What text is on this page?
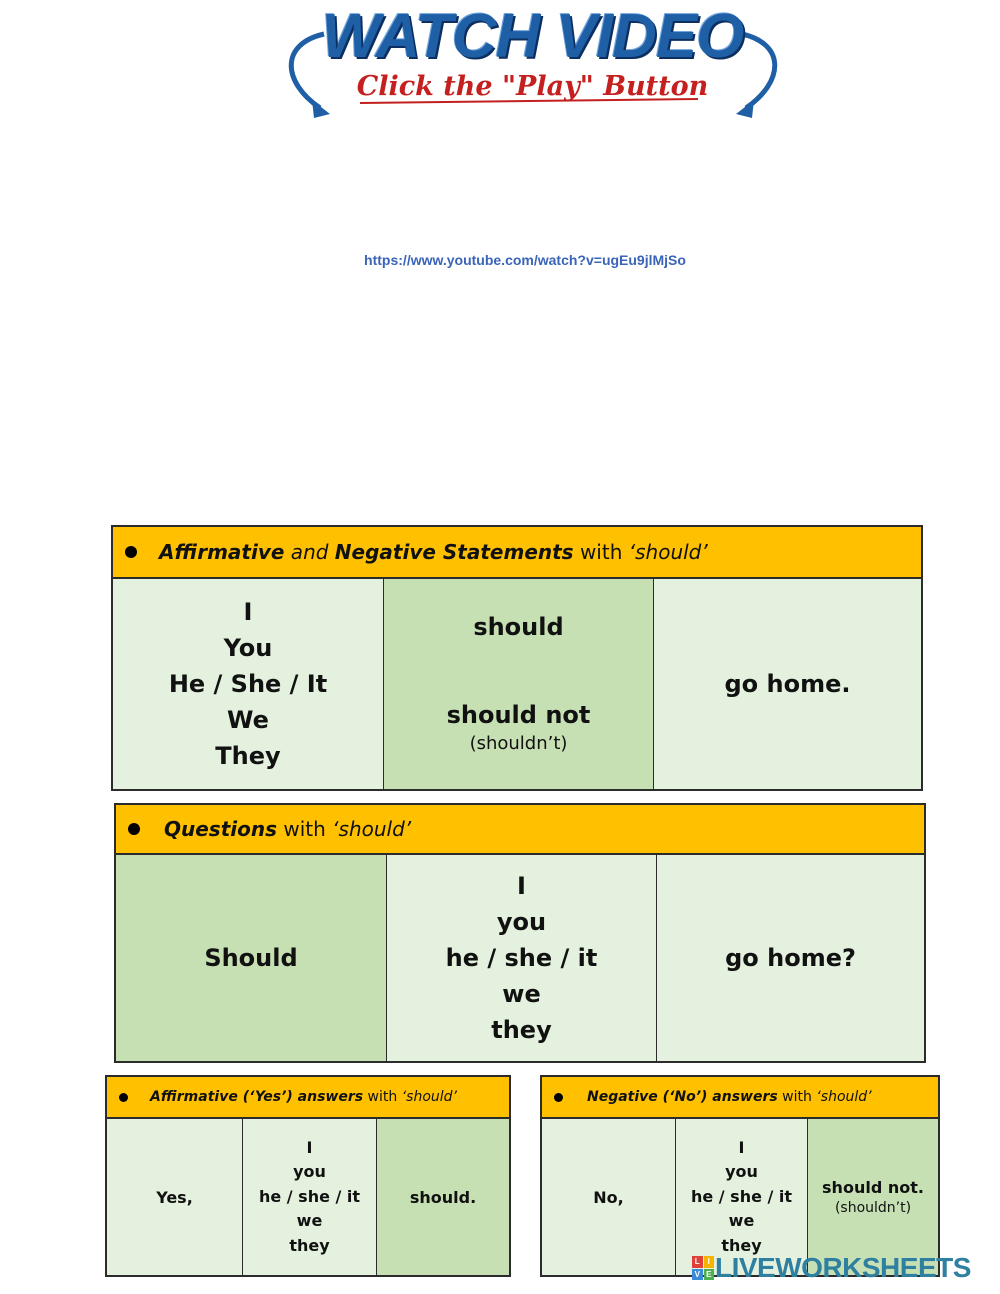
WATCH VIDEO
Click the "Play" Button
https://www.youtube.com/watch?v=ugEu9jlMjSo
Affirmative and Negative Statements with ‘should’
I
You
He / She / It
We
They
should
should not
(shouldn’t)
go home.
Questions with ‘should’
Should
I
you
he / she / it
we
they
go home?
Affirmative (‘Yes’) answers with ‘should’
Yes,
I
you
he / she / it
we
they
should.
Negative (‘No’) answers with ‘should’
No,
I
you
he / she / it
we
they
should not.
(shouldn’t)
L I
V E LIVEWORKSHEETS
